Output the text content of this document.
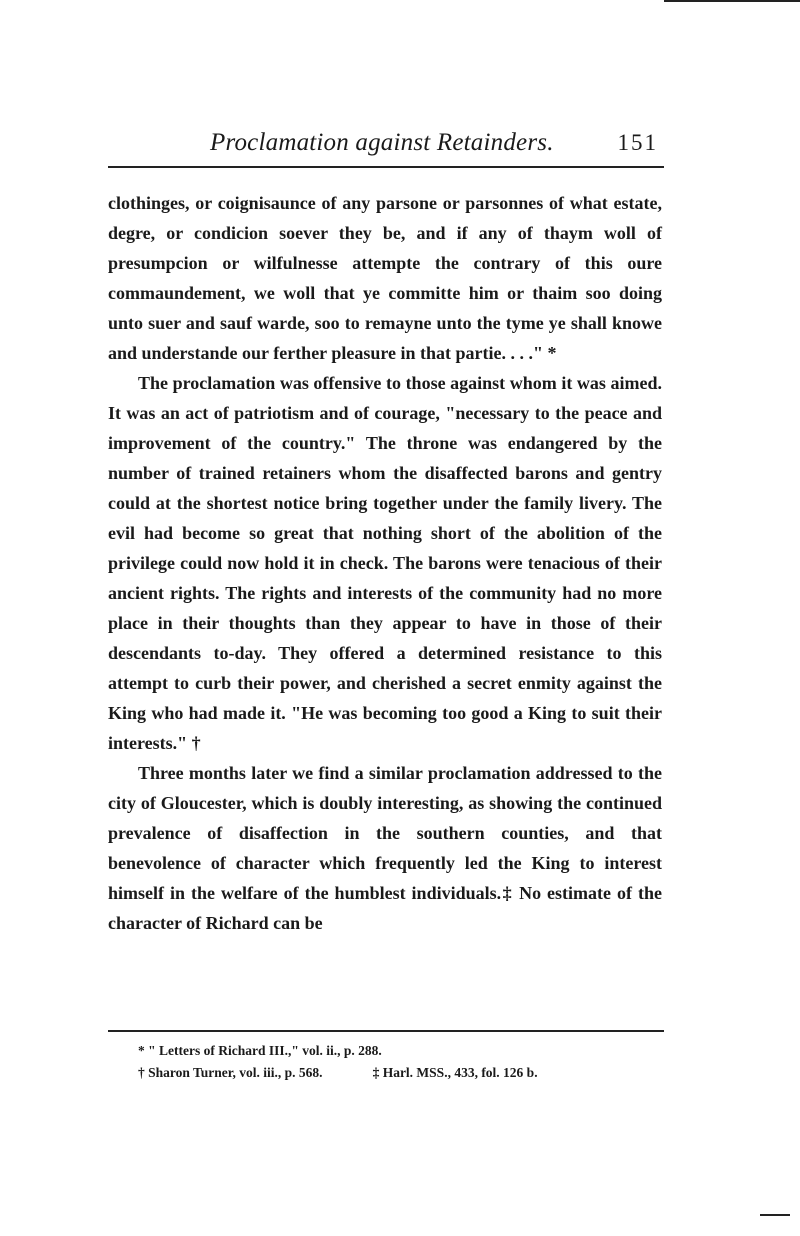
Proclamation against Retainders.	151

clothinges, or coignisaunce of any parsone or parsonnes of what estate, degre, or condicion soever they be, and if any of thaym woll of presumpcion or wilfulnesse attempte the contrary of this oure commaundement, we woll that ye committe him or thaim soo doing unto suer and sauf warde, soo to remayne unto the tyme ye shall knowe and understande our ferther pleasure in that partie. . . ." *

The proclamation was offensive to those against whom it was aimed. It was an act of patriotism and of courage, "necessary to the peace and improvement of the country." The throne was endangered by the number of trained retainers whom the disaffected barons and gentry could at the shortest notice bring together under the family livery. The evil had become so great that nothing short of the abolition of the privilege could now hold it in check. The barons were tenacious of their ancient rights. The rights and interests of the community had no more place in their thoughts than they appear to have in those of their descendants to-day. They offered a determined resistance to this attempt to curb their power, and cherished a secret enmity against the King who had made it. "He was becoming too good a King to suit their interests." †

Three months later we find a similar proclamation addressed to the city of Gloucester, which is doubly interesting, as showing the continued prevalence of disaffection in the southern counties, and that benevolence of character which frequently led the King to interest himself in the welfare of the humblest individuals.‡ No estimate of the character of Richard can be

* " Letters of Richard III.," vol. ii., p. 288.
† Sharon Turner, vol. iii., p. 568.	‡ Harl. MSS., 433, fol. 126 b.
